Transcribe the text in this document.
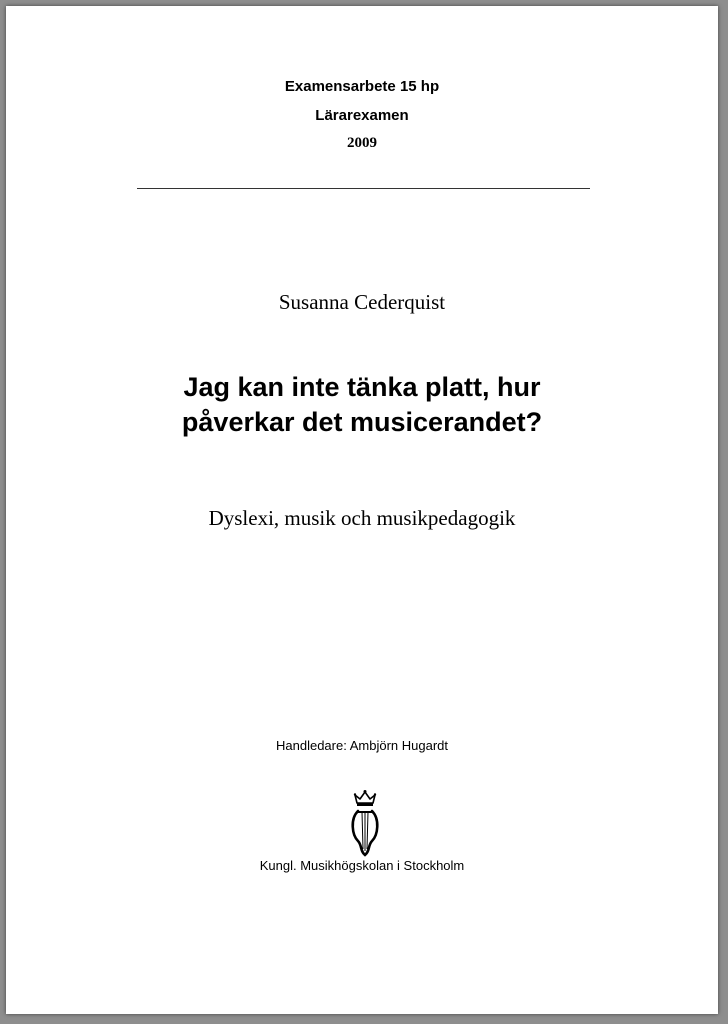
Examensarbete 15 hp
Lärarexamen
2009
Susanna Cederquist
Jag kan inte tänka platt, hur
påverkar det musicerandet?
Dyslexi, musik och musikpedagogik
Handledare: Ambjörn Hugardt
Kungl. Musikhögskolan i Stockholm
